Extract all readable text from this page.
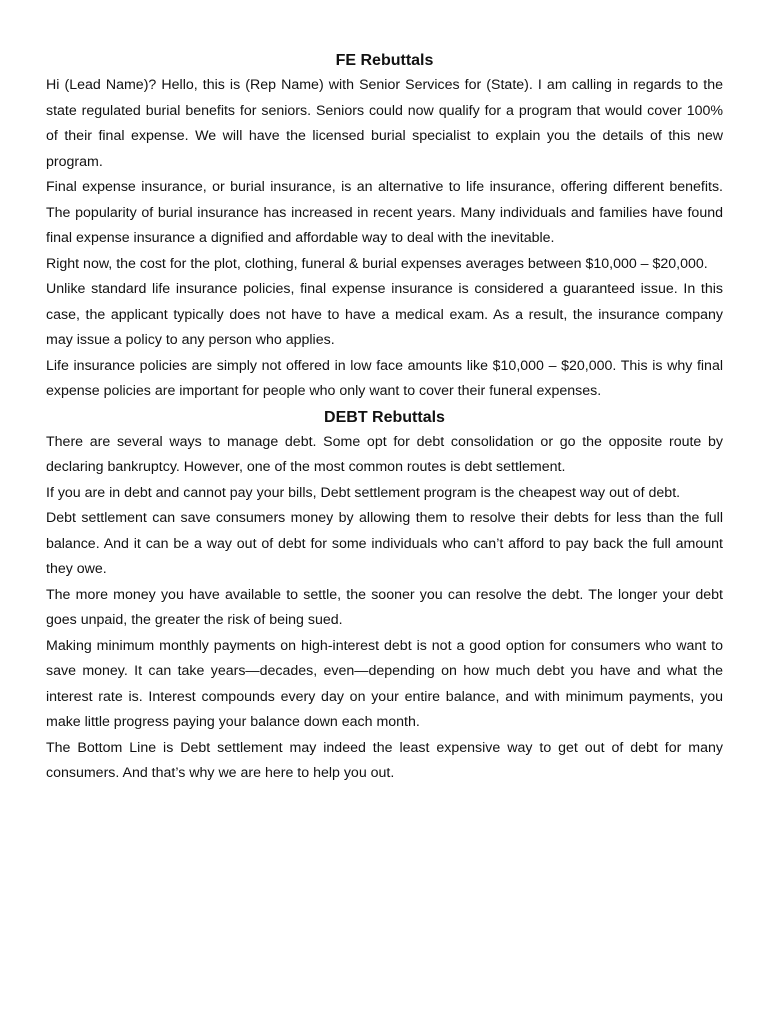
FE Rebuttals

Hi (Lead Name)? Hello, this is (Rep Name) with Senior Services for (State). I am calling in regards to the state regulated burial benefits for seniors. Seniors could now qualify for a program that would cover 100% of their final expense. We will have the licensed burial specialist to explain you the details of this new program.

Final expense insurance, or burial insurance, is an alternative to life insurance, offering different benefits. The popularity of burial insurance has increased in recent years. Many individuals and families have found final expense insurance a dignified and affordable way to deal with the inevitable.

Right now, the cost for the plot, clothing, funeral & burial expenses averages between $10,000 – $20,000.

Unlike standard life insurance policies, final expense insurance is considered a guaranteed issue. In this case, the applicant typically does not have to have a medical exam. As a result, the insurance company may issue a policy to any person who applies.

Life insurance policies are simply not offered in low face amounts like $10,000 – $20,000. This is why final expense policies are important for people who only want to cover their funeral expenses.

DEBT Rebuttals

There are several ways to manage debt. Some opt for debt consolidation or go the opposite route by declaring bankruptcy. However, one of the most common routes is debt settlement.

If you are in debt and cannot pay your bills, Debt settlement program is the cheapest way out of debt.

Debt settlement can save consumers money by allowing them to resolve their debts for less than the full balance. And it can be a way out of debt for some individuals who can’t afford to pay back the full amount they owe.

The more money you have available to settle, the sooner you can resolve the debt. The longer your debt goes unpaid, the greater the risk of being sued.

Making minimum monthly payments on high-interest debt is not a good option for consumers who want to save money. It can take years—decades, even—depending on how much debt you have and what the interest rate is. Interest compounds every day on your entire balance, and with minimum payments, you make little progress paying your balance down each month.

The Bottom Line is Debt settlement may indeed the least expensive way to get out of debt for many consumers. And that’s why we are here to help you out.
